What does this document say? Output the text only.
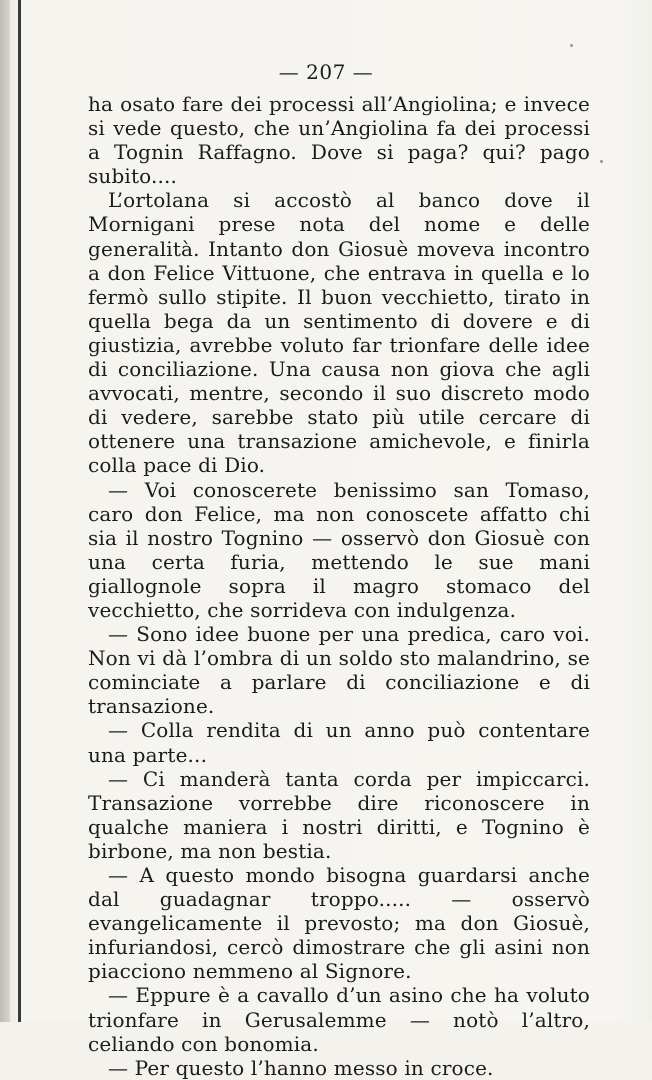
— 207 —

ha osato fare dei processi all’Angiolina; e invece si vede questo, che un’Angiolina fa dei processi a Tognin Raffagno. Dove si paga? qui? pago subito....

L’ortolana si accostò al banco dove il Mornigani prese nota del nome e delle generalità. Intanto don Giosuè moveva incontro a don Felice Vittuone, che entrava in quella e lo fermò sullo stipite. Il buon vecchietto, tirato in quella bega da un sentimento di dovere e di giustizia, avrebbe voluto far trionfare delle idee di conciliazione. Una causa non giova che agli avvocati, mentre, secondo il suo discreto modo di vedere, sarebbe stato più utile cercare di ottenere una transazione amichevole, e finirla colla pace di Dio.

— Voi conoscerete benissimo san Tomaso, caro don Felice, ma non conoscete affatto chi sia il nostro Tognino — osservò don Giosuè con una certa furia, mettendo le sue mani giallognole sopra il magro stomaco del vecchietto, che sorrideva con indulgenza.

— Sono idee buone per una predica, caro voi. Non vi dà l’ombra di un soldo sto malandrino, se cominciate a parlare di conciliazione e di transazione.

— Colla rendita di un anno può contentare una parte...

— Ci manderà tanta corda per impiccarci. Transazione vorrebbe dire riconoscere in qualche maniera i nostri diritti, e Tognino è birbone, ma non bestia.

— A questo mondo bisogna guardarsi anche dal guadagnar troppo..... — osservò evangelicamente il prevosto; ma don Giosuè, infuriandosi, cercò dimostrare che gli asini non piacciono nemmeno al Signore.

— Eppure è a cavallo d’un asino che ha voluto trionfare in Gerusalemme — notò l’altro, celiando con bonomia.

— Per questo l’hanno messo in croce.
